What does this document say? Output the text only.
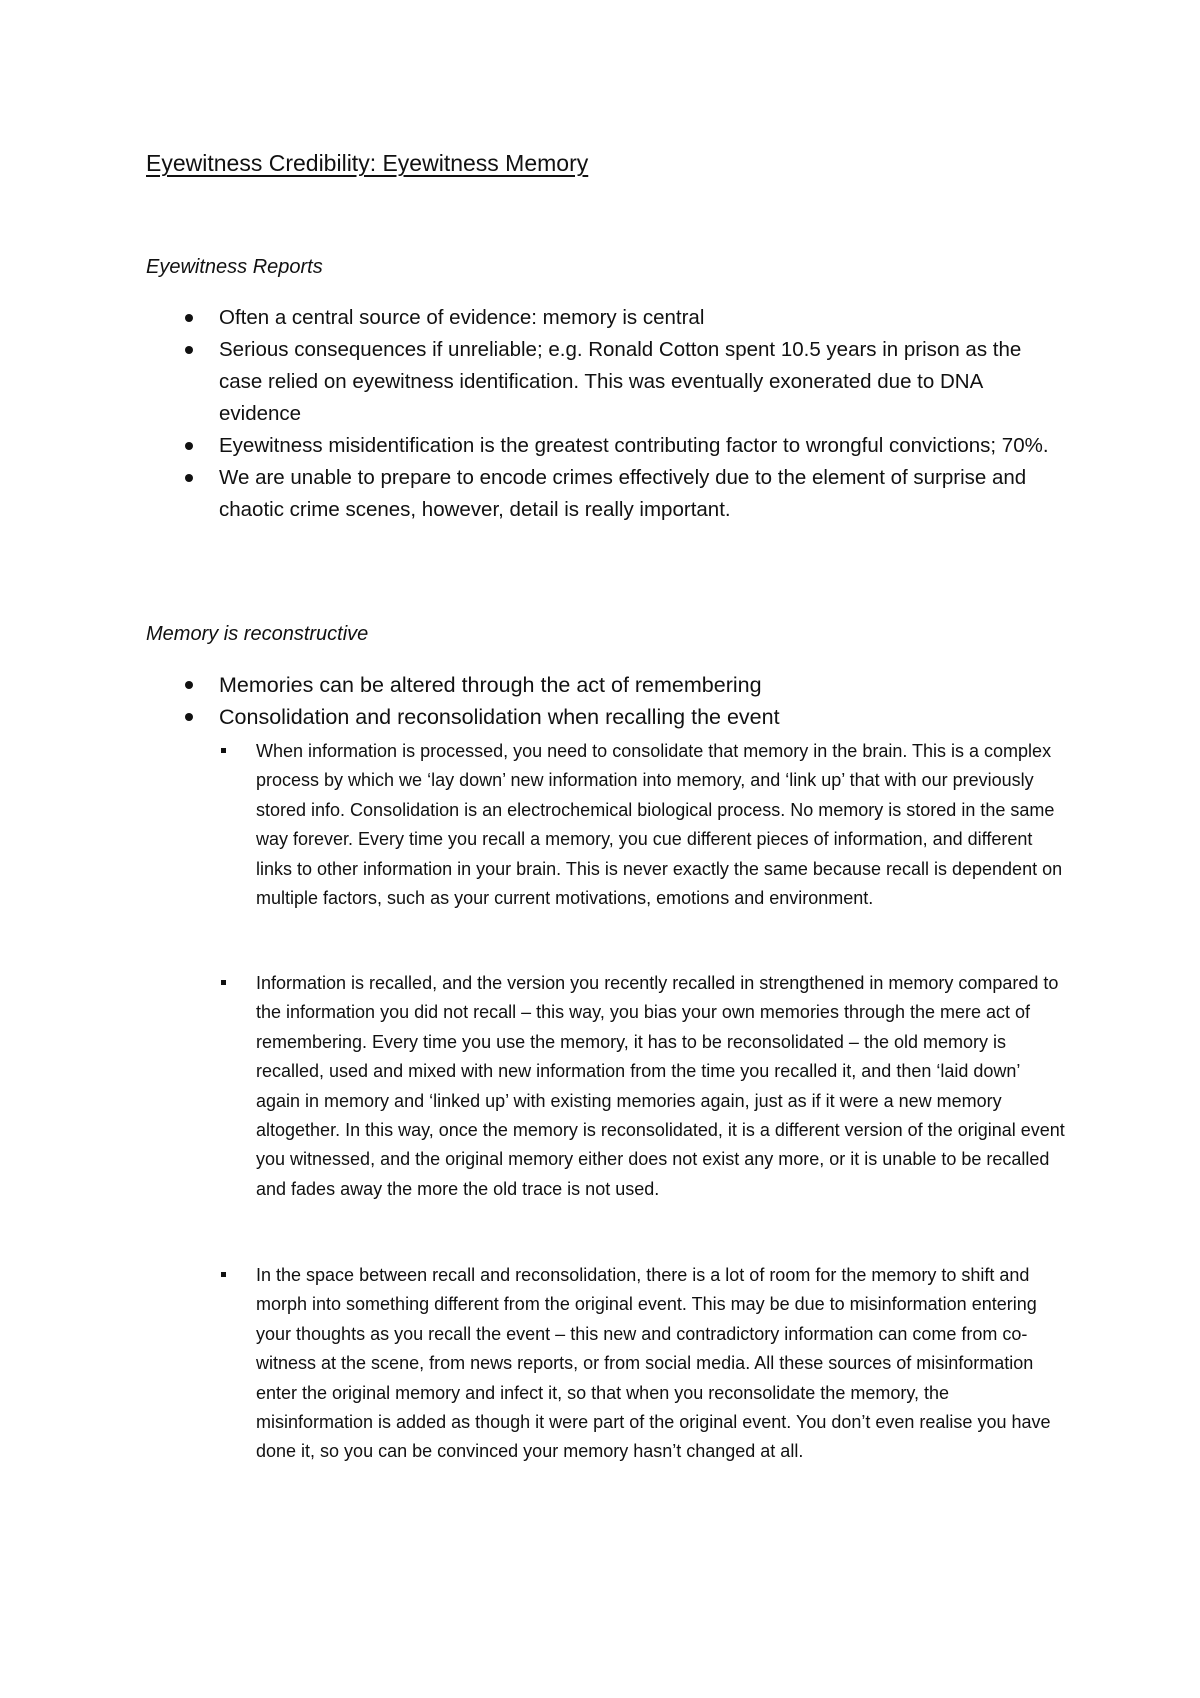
Eyewitness Credibility: Eyewitness Memory
Eyewitness Reports
Often a central source of evidence: memory is central
Serious consequences if unreliable; e.g. Ronald Cotton spent 10.5 years in prison as the case relied on eyewitness identification. This was eventually exonerated due to DNA evidence
Eyewitness misidentification is the greatest contributing factor to wrongful convictions; 70%.
We are unable to prepare to encode crimes effectively due to the element of surprise and chaotic crime scenes, however, detail is really important.
Memory is reconstructive
Memories can be altered through the act of remembering
Consolidation and reconsolidation when recalling the event
When information is processed, you need to consolidate that memory in the brain. This is a complex process by which we ‘lay down’ new information into memory, and ‘link up’ that with our previously stored info. Consolidation is an electrochemical biological process. No memory is stored in the same way forever. Every time you recall a memory, you cue different pieces of information, and different links to other information in your brain. This is never exactly the same because recall is dependent on multiple factors, such as your current motivations, emotions and environment.
Information is recalled, and the version you recently recalled in strengthened in memory compared to the information you did not recall – this way, you bias your own memories through the mere act of remembering. Every time you use the memory, it has to be reconsolidated – the old memory is recalled, used and mixed with new information from the time you recalled it, and then ‘laid down’ again in memory and ‘linked up’ with existing memories again, just as if it were a new memory altogether. In this way, once the memory is reconsolidated, it is a different version of the original event you witnessed, and the original memory either does not exist any more, or it is unable to be recalled and fades away the more the old trace is not used.
In the space between recall and reconsolidation, there is a lot of room for the memory to shift and morph into something different from the original event. This may be due to misinformation entering your thoughts as you recall the event – this new and contradictory information can come from co-witness at the scene, from news reports, or from social media. All these sources of misinformation enter the original memory and infect it, so that when you reconsolidate the memory, the misinformation is added as though it were part of the original event. You don’t even realise you have done it, so you can be convinced your memory hasn’t changed at all.
